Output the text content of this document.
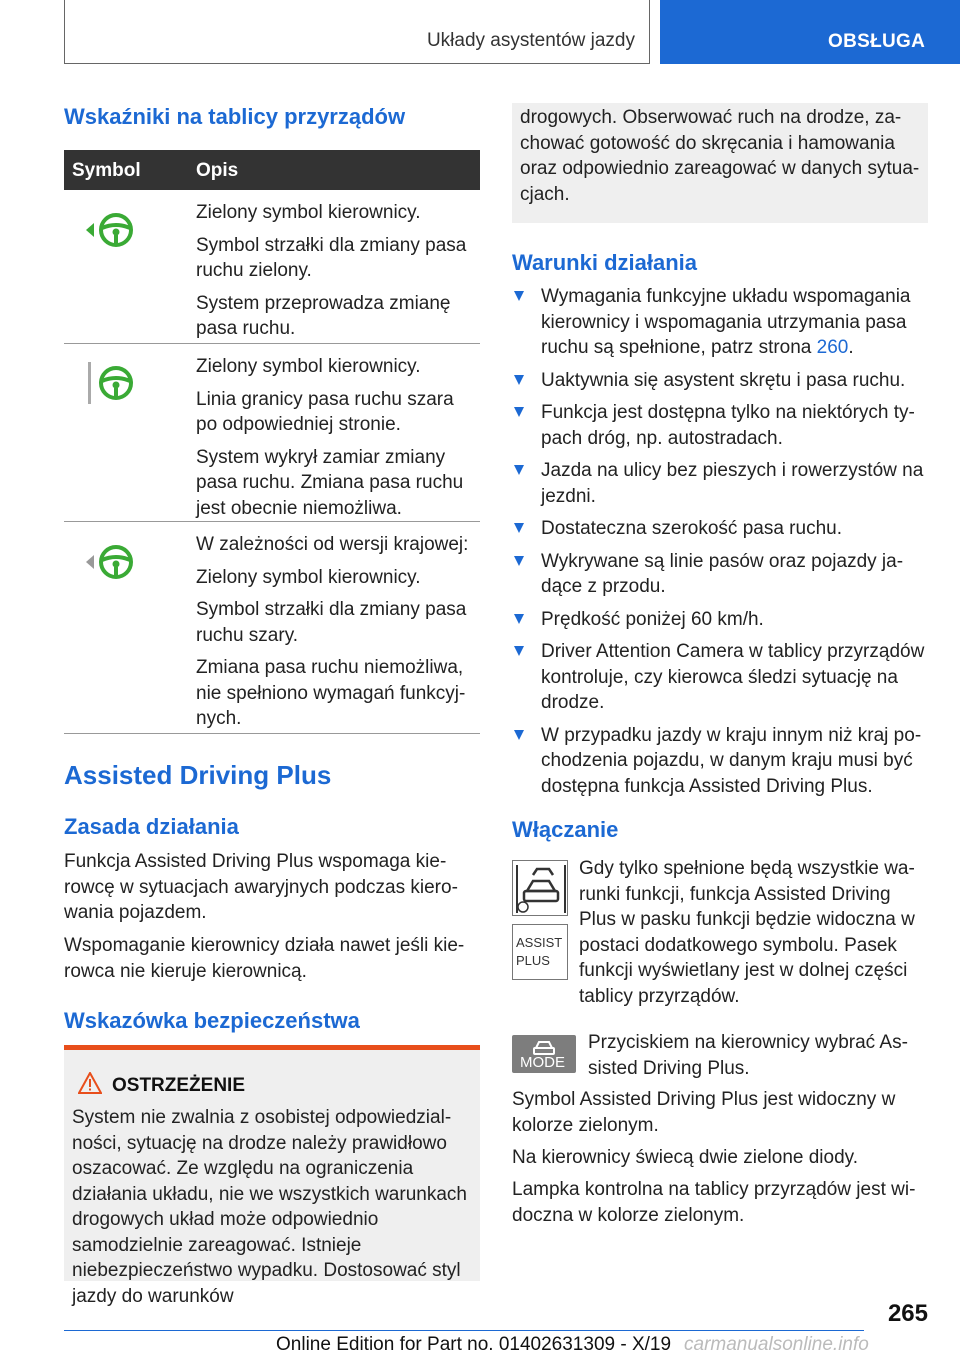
Układy asystentów jazdy	OBSŁUGA
Wskaźniki na tablicy przyrządów
Symbol	Opis

Zielony symbol kierownicy.

Symbol strzałki dla zmiany pasa ruchu zielony.

System przeprowadza zmianę pasa ruchu.

Zielony symbol kierownicy.

Linia granicy pasa ruchu szara po odpowiedniej stronie.

System wykrył zamiar zmiany pasa ruchu. Zmiana pasa ruchu jest obecnie niemożliwa.

W zależności od wersji krajowej:

Zielony symbol kierownicy.

Symbol strzałki dla zmiany pasa ruchu szary.

Zmiana pasa ruchu niemożliwa, nie spełniono wymagań funkcyjnych.

Assisted Driving Plus
Zasada działania

Funkcja Assisted Driving Plus wspomaga kierowcę w sytuacjach awaryjnych podczas kierowania pojazdem.

Wspomaganie kierownicy działa nawet jeśli kierowca nie kieruje kierownicą.

Wskazówka bezpieczeństwa
OSTRZEŻENIE
System nie zwalnia z osobistej odpowiedzialności, sytuację na drodze należy prawidłowo oszacować. Ze względu na ograniczenia działania układu, nie we wszystkich warunkach drogowych układ może odpowiednio samodzielnie zareagować. Istnieje niebezpieczeństwo wypadku. Dostosować styl jazdy do warunków

drogowych. Obserwować ruch na drodze, zachować gotowość do skręcania i hamowania oraz odpowiednio zareagować w danych sytuacjach.

Warunki działania
Wymagania funkcyjne układu wspomagania kierownicy i wspomagania utrzymania pasa ruchu są spełnione, patrz strona 260.
Uaktywnia się asystent skrętu i pasa ruchu.
Funkcja jest dostępna tylko na niektórych typach dróg, np. autostradach.
Jazda na ulicy bez pieszych i rowerzystów na jezdni.
Dostateczna szerokość pasa ruchu.
Wykrywane są linie pasów oraz pojazdy jadące z przodu.
Prędkość poniżej 60 km/h.
Driver Attention Camera w tablicy przyrządów kontroluje, czy kierowca śledzi sytuację na drodze.
W przypadku jazdy w kraju innym niż kraj pochodzenia pojazdu, w danym kraju musi być dostępna funkcja Assisted Driving Plus.
Włączanie
ASSIST
PLUS

Gdy tylko spełnione będą wszystkie warunki funkcji, funkcja Assisted Driving Plus w pasku funkcji będzie widoczna w postaci dodatkowego symbolu. Pasek funkcji wyświetlany jest w dolnej części tablicy przyrządów.

MODE

Przyciskiem na kierownicy wybrać Assisted Driving Plus.

Symbol Assisted Driving Plus jest widoczny w kolorze zielonym.

Na kierownicy świecą dwie zielone diody.

Lampka kontrolna na tablicy przyrządów jest widoczna w kolorze zielonym.

265
Online Edition for Part no. 01402631309 - X/19 carmanualsonline.info
